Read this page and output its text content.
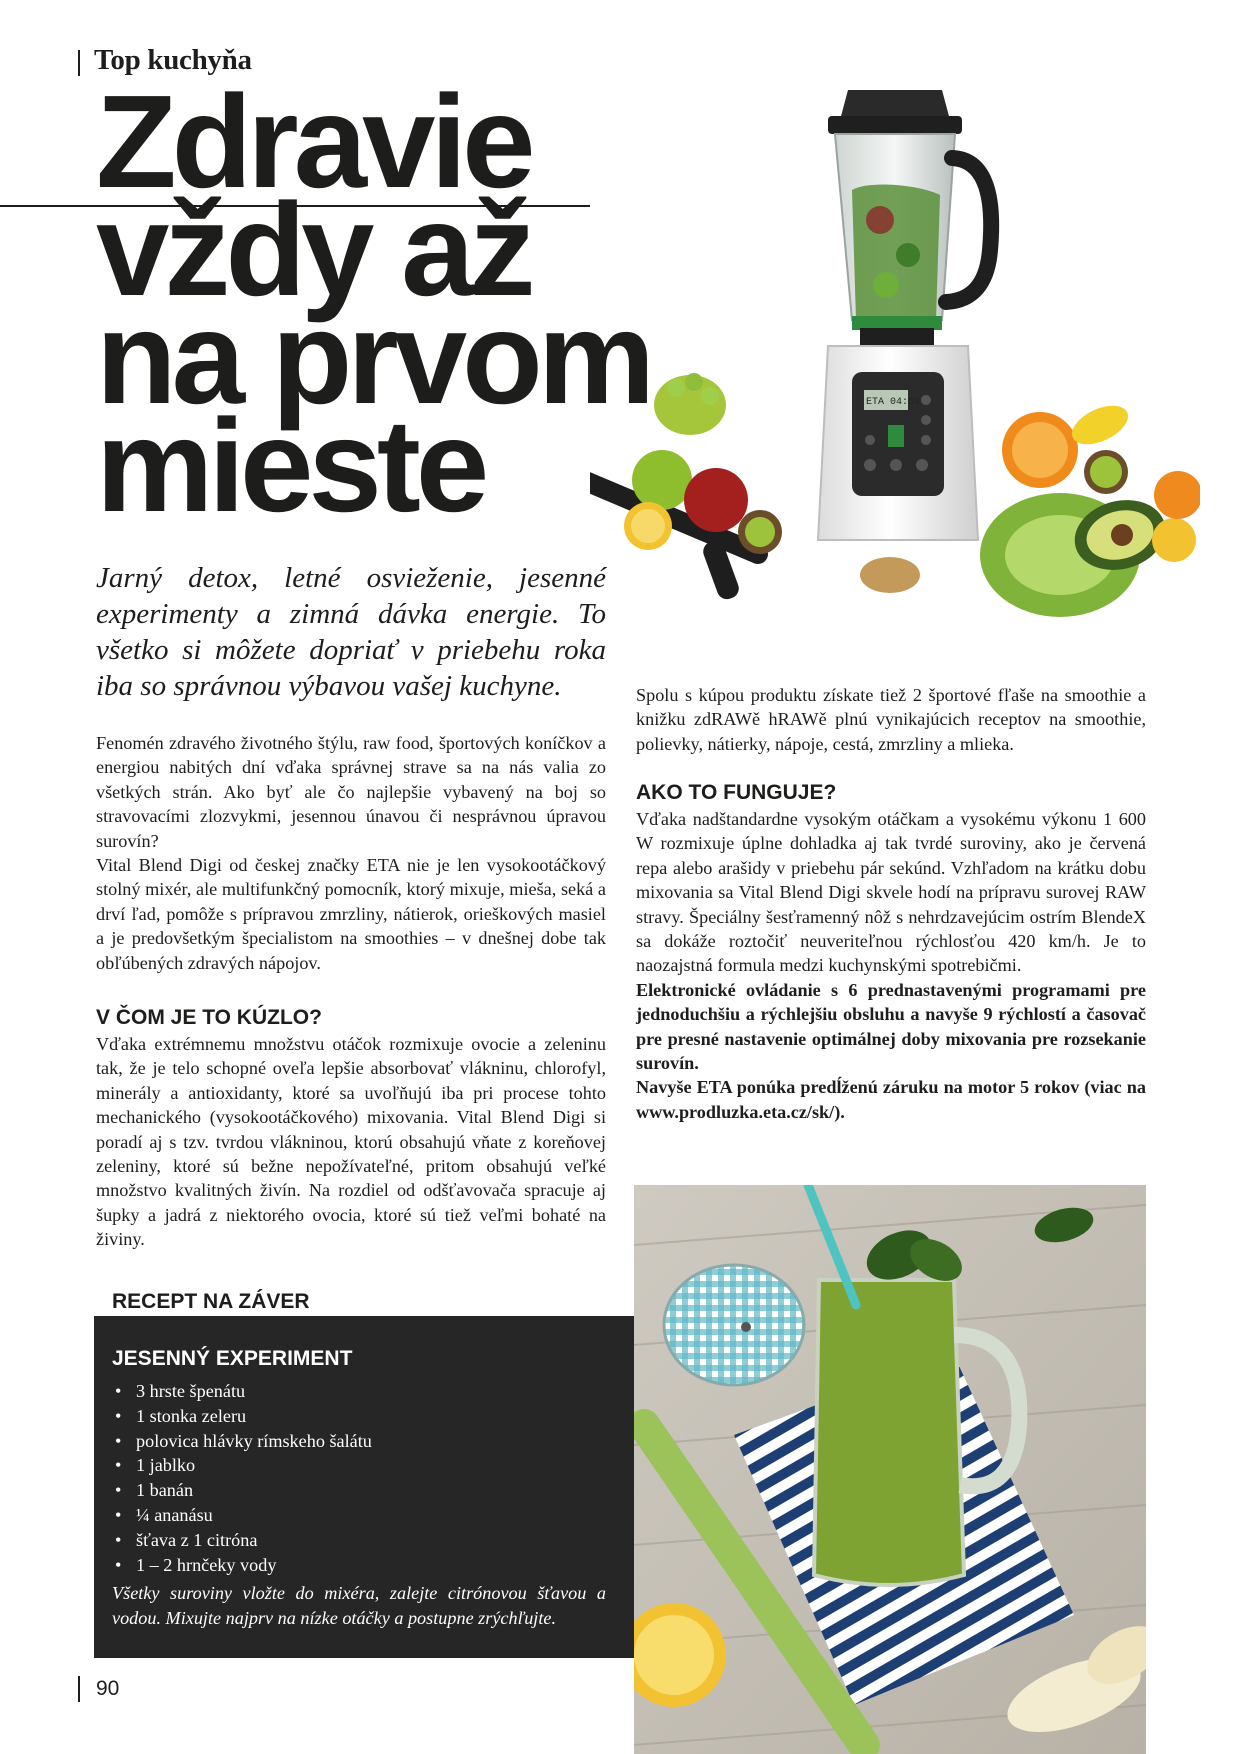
Top kuchyňa
Zdravie
vždy až
na prvom
mieste	ETA 04:59

Jarný detox, letné osvieženie, jesenné experimenty a zimná dávka energie. To všetko si môžete dopriať v priebehu roka iba so správnou výbavou vašej kuchyne.

Fenomén zdravého životného štýlu, raw food, športových koníčkov a energiou nabitých dní vďaka správnej strave sa na nás valia zo všetkých strán. Ako byť ale čo najlepšie vybavený na boj so stravovacími zlozvykmi, jesennou únavou či nesprávnou úpravou surovín?

Vital Blend Digi od českej značky ETA nie je len vysokootáčkový stolný mixér, ale multifunkčný pomocník, ktorý mixuje, mieša, seká a drví ľad, pomôže s prípravou zmrzliny, nátierok, orieškových masiel a je predovšetkým špecialistom na smoothies – v dnešnej dobe tak obľúbených zdravých nápojov.

V ČOM JE TO KÚZLO?

Vďaka extrémnemu množstvu otáčok rozmixuje ovocie a zeleninu tak, že je telo schopné oveľa lepšie absorbovať vlákninu, chlorofyl, minerály a antioxidanty, ktoré sa uvoľňujú iba pri procese tohto mechanického (vysokootáčkového) mixovania. Vital Blend Digi si poradí aj s tzv. tvrdou vlákninou, ktorú obsahujú vňate z koreňovej zeleniny, ktoré sú bežne nepožívateľné, pritom obsahujú veľké množstvo kvalitných živín. Na rozdiel od odšťavovača spracuje aj šupky a jadrá z niektorého ovocia, ktoré sú tiež veľmi bohaté na živiny.

Spolu s kúpou produktu získate tiež 2 športové fľaše na smoothie a knižku zdRAWě hRAWě plnú vynikajúcich receptov na smoothie, polievky, nátierky, nápoje, cestá, zmrzliny a mlieka.

AKO TO FUNGUJE?

Vďaka nadštandardne vysokým otáčkam a vysokému výkonu 1 600 W rozmixuje úplne dohladka aj tak tvrdé suroviny, ako je červená repa alebo arašidy v priebehu pár sekúnd. Vzhľadom na krátku dobu mixovania sa Vital Blend Digi skvele hodí na prípravu surovej RAW stravy. Špeciálny šesťramenný nôž s nehrdzavejúcim ostrím BlendeX sa dokáže roztočiť neuveriteľnou rýchlosťou 420 km/h. Je to naozajstná formula medzi kuchynskými spotrebičmi.

Elektronické ovládanie s 6 prednastavenými programami pre jednoduchšiu a rýchlejšiu obsluhu a navyše 9 rýchlostí a časovač pre presné nastavenie optimálnej doby mixovania pre rozsekanie surovín.

Navyše ETA ponúka predĺženú záruku na motor 5 rokov (viac na www.prodluzka.eta.cz/sk/).

RECEPT NA ZÁVER
JESENNÝ EXPERIMENT
• 3 hrste špenátu
• 1 stonka zeleru
• polovica hlávky rímskeho šalátu
• 1 jablko
• 1 banán
• ¼ ananásu
• šťava z 1 citróna
• 1 – 2 hrnčeky vody

Všetky suroviny vložte do mixéra, zalejte citrónovou šťavou a vodou. Mixujte najprv na nízke otáčky a postupne zrýchľujte.

90
